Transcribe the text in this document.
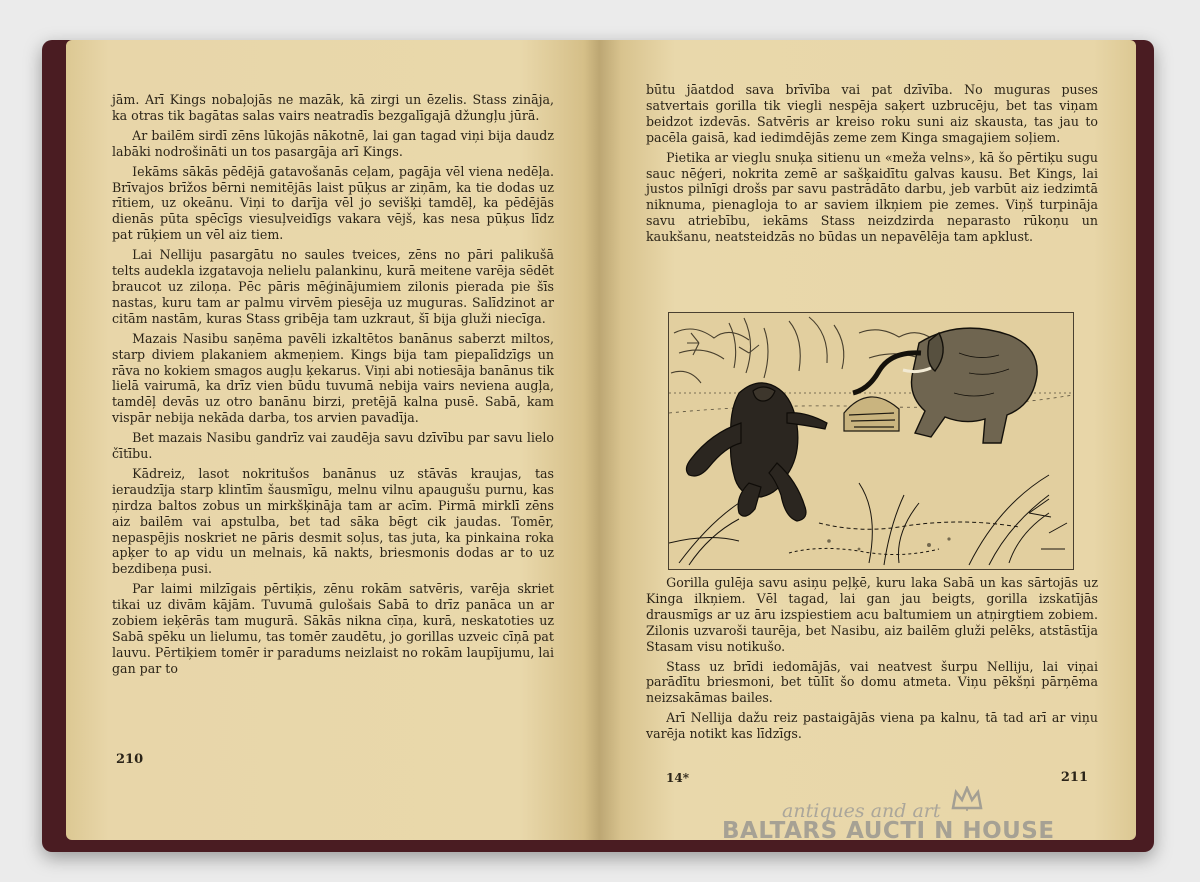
jām. Arī Kings nobaļojās ne mazāk, kā zirgi un ēzelis. Stass zināja, ka otras tik bagātas salas vairs neatradīs bezgalīgajā džungļu jūrā.

Ar bailēm sirdī zēns lūkojās nākotnē, lai gan tagad viņi bija daudz labāki nodrošināti un tos pasargāja arī Kings.

Iekāms sākās pēdējā gatavošanās ceļam, pagāja vēl viena nedēļa. Brīvajos brīžos bērni nemitējās laist pūķus ar ziņām, ka tie dodas uz rītiem, uz okeānu. Viņi to darīja vēl jo sevišķi tamdēļ, ka pēdējās dienās pūta spēcīgs viesuļveidīgs vakara vējš, kas nesa pūķus līdz pat rūķiem un vēl aiz tiem.

Lai Nelliju pasargātu no saules tveices, zēns no pāri palikušā telts audekla izgatavoja nelielu palankinu, kurā meitene varēja sēdēt braucot uz ziloņa. Pēc pāris mēģinājumiem zilonis pierada pie šīs nastas, kuru tam ar palmu virvēm piesēja uz muguras. Salīdzinot ar citām nastām, kuras Stass gribēja tam uzkraut, šī bija gluži niecīga.

Mazais Nasibu saņēma pavēli izkaltētos banānus saberzt miltos, starp diviem plakaniem akmeņiem. Kings bija tam piepalīdzīgs un rāva no kokiem smagos augļu ķekarus. Viņi abi notiesāja banānus tik lielā vairumā, ka drīz vien būdu tuvumā nebija vairs neviena augļa, tamdēļ devās uz otro banānu birzi, pretējā kalna pusē. Sabā, kam vispār nebija nekāda darba, tos arvien pavadīja.

Bet mazais Nasibu gandrīz vai zaudēja savu dzīvību par savu lielo čītību.

Kādreiz, lasot nokritušos banānus uz stāvās kraujas, tas ieraudzīja starp klintīm šausmīgu, melnu vilnu apaugušu purnu, kas ņirdza baltos zobus un mirkšķināja tam ar acīm. Pirmā mirklī zēns aiz bailēm vai apstulba, bet tad sāka bēgt cik jaudas. Tomēr, nepaspējis noskriet ne pāris desmit soļus, tas juta, ka pinkaina roka apķer to ap vidu un melnais, kā nakts, briesmonis dodas ar to uz bezdibeņa pusi.

Par laimi milzīgais pērtiķis, zēnu rokām satvēris, varēja skriet tikai uz divām kājām. Tuvumā gulošais Sabā to drīz panāca un ar zobiem ieķērās tam mugurā. Sākās nikna cīņa, kurā, neskatoties uz Sabā spēku un lielumu, tas tomēr zaudētu, jo gorillas uzveic cīņā pat lauvu. Pērtiķiem tomēr ir paradums neizlaist no rokām laupījumu, lai gan par to

210

būtu jāatdod sava brīvība vai pat dzīvība. No muguras puses satvertais gorilla tik viegli nespēja saķert uzbrucēju, bet tas viņam beidzot izdevās. Satvēris ar kreiso roku suni aiz skausta, tas jau to pacēla gaisā, kad iedimdējās zeme zem Kinga smagajiem soļiem.

Pietika ar vieglu snuķa sitienu un «meža velns», kā šo pērtiķu sugu sauc nēģeri, nokrita zemē ar sašķaidītu galvas kausu. Bet Kings, lai justos pilnīgi drošs par savu pastrādāto darbu, jeb varbūt aiz iedzimtā niknuma, pienagloja to ar saviem ilkņiem pie zemes. Viņš turpināja savu atriebību, iekāms Stass neizdzirda neparasto rūkoņu un kaukšanu, neatsteidzās no būdas un nepavēlēja tam apklust.

Gorilla gulēja savu asiņu peļķē, kuru laka Sabā un kas sārtojās uz Kinga ilkņiem. Vēl tagad, lai gan jau beigts, gorilla izskatījās drausmīgs ar uz āru izspiestiem acu baltumiem un atņirgtiem zobiem. Zilonis uzvaroši taurēja, bet Nasibu, aiz bailēm gluži pelēks, atstāstīja Stasam visu notikušo.

Stass uz brīdi iedomājās, vai neatvest šurpu Nelliju, lai viņai parādītu briesmoni, bet tūlīt šo domu atmeta. Viņu pēkšņi pārņēma neizsakāmas bailes.

Arī Nellija dažu reiz pastaigājās viena pa kalnu, tā tad arī ar viņu varēja notikt kas līdzīgs.

14*	211
antiques and art
BALTARS AUCTI N HOUSE
